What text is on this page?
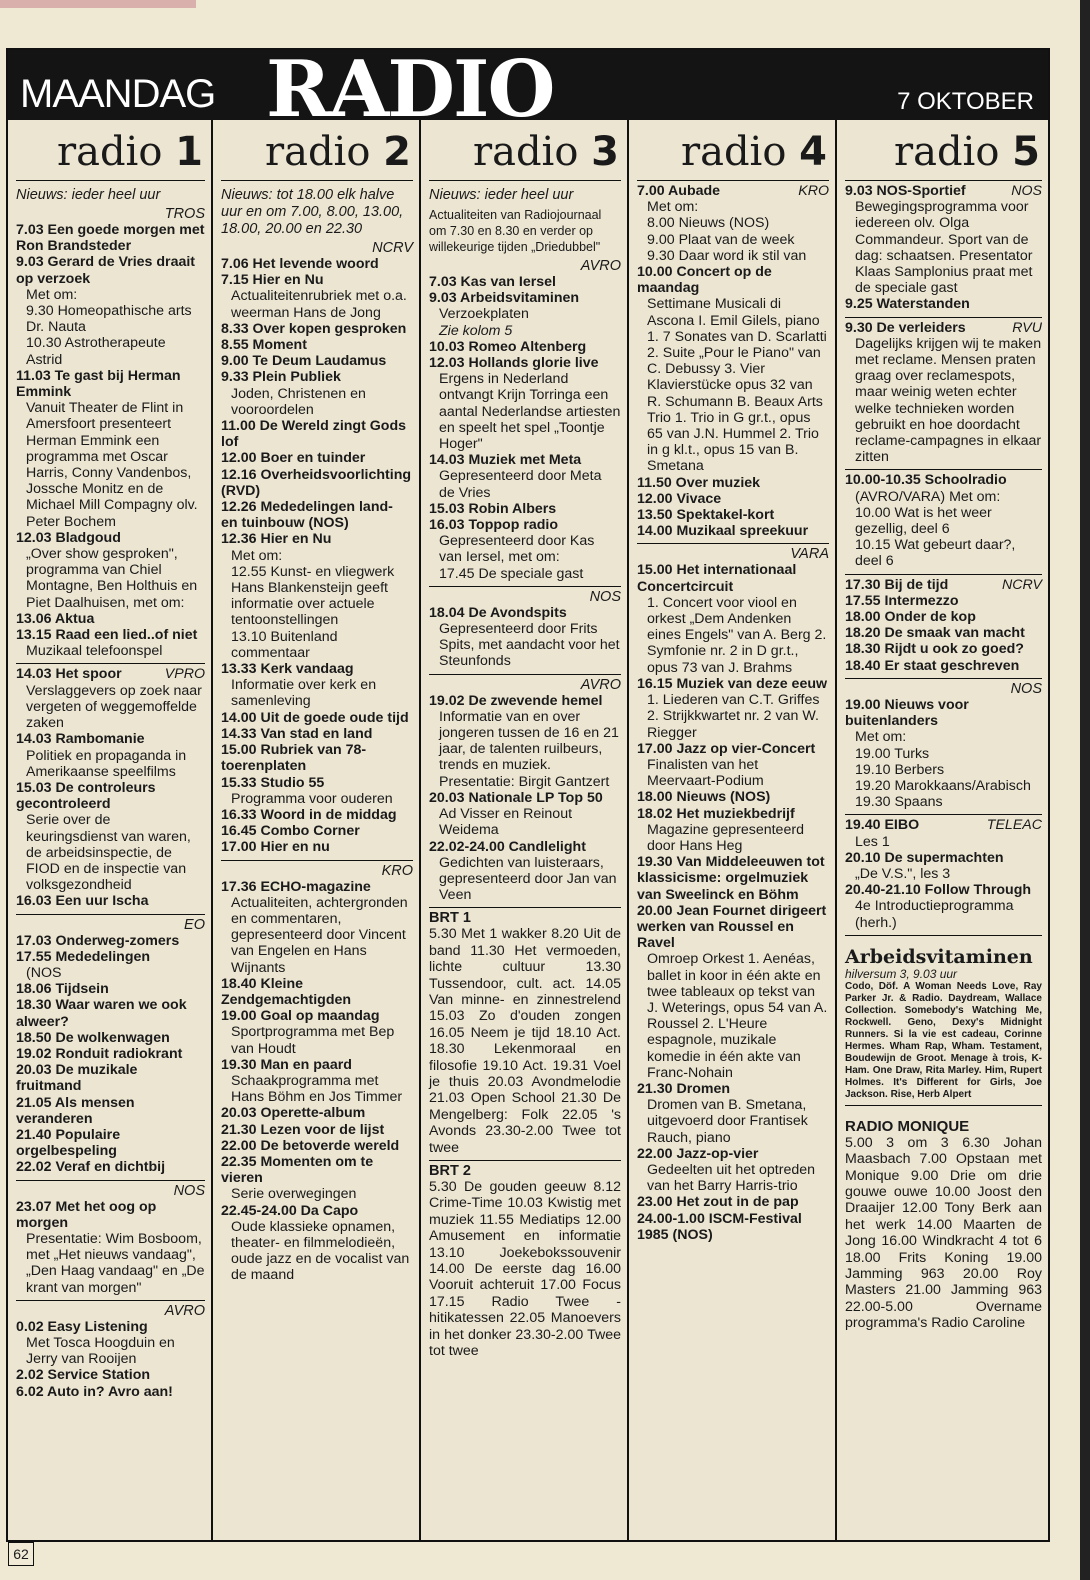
MAANDAG RADIO	7 OKTOBER
radio 1
Nieuws: ieder heel uur
TROS
7.03 Een goede morgen met Ron Brandsteder
9.03 Gerard de Vries draait op verzoek
Met om:
9.30 Homeopathische arts Dr. Nauta
10.30 Astrotherapeute Astrid
11.03 Te gast bij Herman Emmink
Vanuit Theater de Flint in Amersfoort presenteert Herman Emmink een programma met Oscar Harris, Conny Vandenbos, Jossche Monitz en de Michael Mill Compagny olv. Peter Bochem
12.03 Bladgoud
„Over show gesproken", programma van Chiel Montagne, Ben Holthuis en Piet Daalhuisen, met om:
13.06 Aktua
13.15 Raad een lied..of niet
Muzikaal telefoonspel
14.03 Het spoor	VPRO
Verslaggevers op zoek naar vergeten of weggemoffelde zaken
14.03 Rambomanie
Politiek en propaganda in Amerikaanse speelfilms
15.03 De controleurs gecontroleerd
Serie over de keuringsdienst van waren, de arbeidsinspectie, de FIOD en de inspectie van volksgezondheid
16.03 Een uur Ischa
EO
17.03 Onderweg-zomers
17.55 Mededelingen
(NOS
18.06 Tijdsein
18.30 Waar waren we ook alweer?
18.50 De wolkenwagen
19.02 Ronduit radiokrant
20.03 De muzikale fruitmand
21.05 Als mensen veranderen
21.40 Populaire orgelbespeling
22.02 Veraf en dichtbij
NOS
23.07 Met het oog op morgen
Presentatie: Wim Bosboom, met „Het nieuws vandaag", „Den Haag vandaag" en „De krant van morgen"
AVRO
0.02 Easy Listening
Met Tosca Hoogduin en Jerry van Rooijen
2.02 Service Station
6.02 Auto in? Avro aan!
radio 2
Nieuws: tot 18.00 elk halve uur en om 7.00, 8.00, 13.00, 18.00, 20.00 en 22.30
NCRV
7.06 Het levende woord
7.15 Hier en Nu
Actualiteitenrubriek met o.a. weerman Hans de Jong
8.33 Over kopen gesproken
8.55 Moment
9.00 Te Deum Laudamus
9.33 Plein Publiek
Joden, Christenen en vooroordelen
11.00 De Wereld zingt Gods lof
12.00 Boer en tuinder
12.16 Overheidsvoorlichting (RVD)
12.26 Mededelingen land- en tuinbouw (NOS)
12.36 Hier en Nu
Met om:
12.55 Kunst- en vliegwerk Hans Blankensteijn geeft informatie over actuele tentoonstellingen
13.10 Buitenland commentaar
13.33 Kerk vandaag
Informatie over kerk en samenleving
14.00 Uit de goede oude tijd
14.33 Van stad en land
15.00 Rubriek van 78-toerenplaten
15.33 Studio 55
Programma voor ouderen
16.33 Woord in de middag
16.45 Combo Corner
17.00 Hier en nu
KRO
17.36 ECHO-magazine
Actualiteiten, achtergronden en commentaren, gepresenteerd door Vincent van Engelen en Hans Wijnants
18.40 Kleine Zendgemachtigden
19.00 Goal op maandag
Sportprogramma met Bep van Houdt
19.30 Man en paard
Schaakprogramma met Hans Böhm en Jos Timmer
20.03 Operette-album
21.30 Lezen voor de lijst
22.00 De betoverde wereld
22.35 Momenten om te vieren
Serie overwegingen
22.45-24.00 Da Capo
Oude klassieke opnamen, theater- en filmmelodieën, oude jazz en de vocalist van de maand
radio 3
Nieuws: ieder heel uur
Actualiteiten van Radiojournaal om 7.30 en 8.30 en verder op willekeurige tijden „Driedubbel"
AVRO
7.03 Kas van Iersel
9.03 Arbeidsvitaminen
Verzoekplaten
Zie kolom 5
10.03 Romeo Altenberg
12.03 Hollands glorie live
Ergens in Nederland ontvangt Krijn Torringa een aantal Nederlandse artiesten en speelt het spel „Toontje Hoger"
14.03 Muziek met Meta
Gepresenteerd door Meta de Vries
15.03 Robin Albers
16.03 Toppop radio
Gepresenteerd door Kas van Iersel, met om:
17.45 De speciale gast
NOS
18.04 De Avondspits
Gepresenteerd door Frits Spits, met aandacht voor het Steunfonds
AVRO
19.02 De zwevende hemel
Informatie van en over jongeren tussen de 16 en 21 jaar, de talenten ruilbeurs, trends en muziek. Presentatie: Birgit Gantzert
20.03 Nationale LP Top 50
Ad Visser en Reinout Weidema
22.02-24.00 Candlelight
Gedichten van luisteraars, gepresenteerd door Jan van Veen
BRT 1
5.30 Met 1 wakker 8.20 Uit de band 11.30 Het vermoeden, lichte cultuur 13.30 Tussendoor, cult. act. 14.05 Van minne- en zinnestrelend 15.03 Zo d'ouden zongen 16.05 Neem je tijd 18.10 Act. 18.30 Lekenmoraal en filosofie 19.10 Act. 19.31 Voel je thuis 20.03 Avondmelodie 21.03 Open School 21.30 De Mengelberg: Folk 22.05 's Avonds 23.30-2.00 Twee tot twee
BRT 2
5.30 De gouden geeuw 8.12 Crime-Time 10.03 Kwistig met muziek 11.55 Mediatips 12.00 Amusement en informatie 13.10 Joekebokssouvenir 14.00 De eerste dag 16.00 Vooruit achteruit 17.00 Focus 17.15 Radio Twee - hitikatessen 22.05 Manoevers in het donker 23.30-2.00 Twee tot twee
radio 4
7.00 Aubade	KRO
Met om:
8.00 Nieuws (NOS)
9.00 Plaat van de week
9.30 Daar word ik stil van
10.00 Concert op de maandag
Settimane Musicali di Ascona I. Emil Gilels, piano 1. 7 Sonates van D. Scarlatti 2. Suite „Pour le Piano" van C. Debussy 3. Vier Klavierstücke opus 32 van R. Schumann B. Beaux Arts Trio 1. Trio in G gr.t., opus 65 van J.N. Hummel 2. Trio in g kl.t., opus 15 van B. Smetana
11.50 Over muziek
12.00 Vivace
13.50 Spektakel-kort
14.00 Muzikaal spreekuur
VARA
15.00 Het internationaal Concertcircuit
1. Concert voor viool en orkest „Dem Andenken eines Engels" van A. Berg 2. Symfonie nr. 2 in D gr.t., opus 73 van J. Brahms
16.15 Muziek van deze eeuw
1. Liederen van C.T. Griffes 2. Strijkkwartet nr. 2 van W. Riegger
17.00 Jazz op vier-Concert
Finalisten van het Meervaart-Podium
18.00 Nieuws (NOS)
18.02 Het muziekbedrijf
Magazine gepresenteerd door Hans Heg
19.30 Van Middeleeuwen tot klassicisme: orgelmuziek van Sweelinck en Böhm
20.00 Jean Fournet dirigeert werken van Roussel en Ravel
Omroep Orkest 1. Aenéas, ballet in koor in één akte en twee tableaux op tekst van J. Weterings, opus 54 van A. Roussel 2. L'Heure espagnole, muzikale komedie in één akte van Franc-Nohain
21.30 Dromen
Dromen van B. Smetana, uitgevoerd door Frantisek Rauch, piano
22.00 Jazz-op-vier
Gedeelten uit het optreden van het Barry Harris-trio
23.00 Het zout in de pap
24.00-1.00 ISCM-Festival 1985 (NOS)
radio 5
9.03 NOS-Sportief	NOS
Bewegingsprogramma voor iedereen olv. Olga Commandeur. Sport van de dag: schaatsen. Presentator Klaas Samplonius praat met de speciale gast
9.25 Waterstanden
9.30 De verleiders	RVU
Dagelijks krijgen wij te maken met reclame. Mensen praten graag over reclamespots, maar weinig weten echter welke technieken worden gebruikt en hoe doordacht reclame-campagnes in elkaar zitten
10.00-10.35 Schoolradio
(AVRO/VARA) Met om:
10.00 Wat is het weer gezellig, deel 6
10.15 Wat gebeurt daar?, deel 6
17.30 Bij de tijd	NCRV
17.55 Intermezzo
18.00 Onder de kop
18.20 De smaak van macht
18.30 Rijdt u ook zo goed?
18.40 Er staat geschreven
NOS
19.00 Nieuws voor buitenlanders
Met om:
19.00 Turks
19.10 Berbers
19.20 Marokkaans/Arabisch
19.30 Spaans
19.40 EIBO	TELEAC
Les 1
20.10 De supermachten
„De V.S.", les 3
20.40-21.10 Follow Through
4e Introductieprogramma (herh.)
Arbeidsvitaminen
hilversum 3, 9.03 uur
Codo, Döf. A Woman Needs Love, Ray Parker Jr. & Radio. Daydream, Wallace Collection. Somebody's Watching Me, Rockwell. Geno, Dexy's Midnight Runners. Si la vie est cadeau, Corinne Hermes. Wham Rap, Wham. Testament, Boudewijn de Groot. Menage à trois, K-Ham. One Draw, Rita Marley. Him, Rupert Holmes. It's Different for Girls, Joe Jackson. Rise, Herb Alpert
RADIO MONIQUE
5.00 3 om 3 6.30 Johan Maasbach 7.00 Opstaan met Monique 9.00 Drie om drie gouwe ouwe 10.00 Joost den Draaijer 12.00 Tony Berk aan het werk 14.00 Maarten de Jong 16.00 Windkracht 4 tot 6 18.00 Frits Koning 19.00 Jamming 963 20.00 Roy Masters 21.00 Jamming 963 22.00-5.00 Overname programma's Radio Caroline
62
